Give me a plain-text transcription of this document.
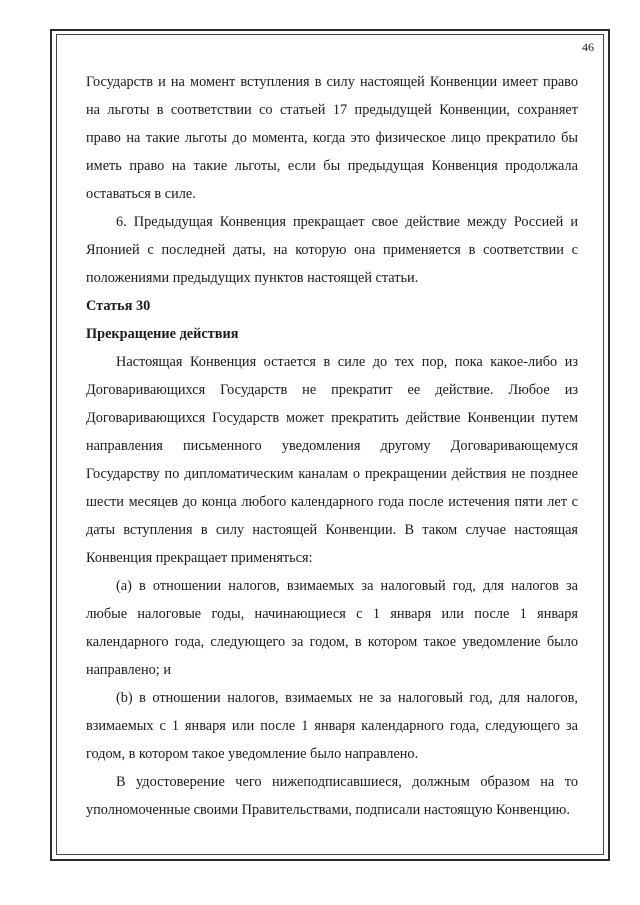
46

Государств и на момент вступления в силу настоящей Конвенции имеет право на льготы в соответствии со статьей 17 предыдущей Конвенции, сохраняет право на такие льготы до момента, когда это физическое лицо прекратило бы иметь право на такие льготы, если бы предыдущая Конвенция продолжала оставаться в силе.

6. Предыдущая Конвенция прекращает свое действие между Россией и Японией с последней даты, на которую она применяется в соответствии с положениями предыдущих пунктов настоящей статьи.

Статья 30

Прекращение действия

Настоящая Конвенция остается в силе до тех пор, пока какое-либо из Договаривающихся Государств не прекратит ее действие. Любое из Договаривающихся Государств может прекратить действие Конвенции путем направления письменного уведомления другому Договаривающемуся Государству по дипломатическим каналам о прекращении действия не позднее шести месяцев до конца любого календарного года после истечения пяти лет с даты вступления в силу настоящей Конвенции. В таком случае настоящая Конвенция прекращает применяться:

(a) в отношении налогов, взимаемых за налоговый год, для налогов за любые налоговые годы, начинающиеся с 1 января или после 1 января календарного года, следующего за годом, в котором такое уведомление было направлено; и

(b) в отношении налогов, взимаемых не за налоговый год, для налогов, взимаемых с 1 января или после 1 января календарного года, следующего за годом, в котором такое уведомление было направлено.

В удостоверение чего нижеподписавшиеся, должным образом на то уполномоченные своими Правительствами, подписали настоящую Конвенцию.
